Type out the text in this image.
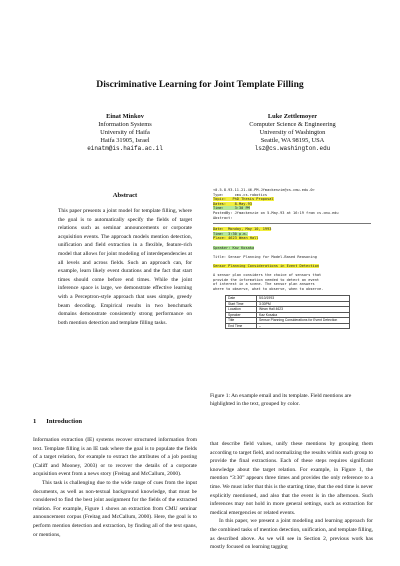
Discriminative Learning for Joint Template Filling
Einat Minkov
Information Systems
University of Haifa
Haifa 31905, Israel
einatm@is.haifa.ac.il
Luke Zettlemoyer
Computer Science & Engineering
University of Washington
Seattle, WA 98195, USA
lsz@cs.washington.edu
Abstract
This paper presents a joint model for template filling, where the goal is to automatically specify the fields of target relations such as seminar announcements or corporate acquisition events. The approach models mention detection, unification and field extraction in a flexible, feature-rich model that allows for joint modeling of interdependencies at all levels and across fields. Such an approach can, for example, learn likely event durations and the fact that start times should come before end times. While the joint inference space is large, we demonstrate effective learning with a Perceptron-style approach that uses simple, greedy beam decoding. Empirical results in two benchmark domains demonstrate consistently strong performance on both mention detection and template filling tasks.
<0.5.8.93.11.21.46.PM.Jfmackenzie@cs.cmu.edu.0>
Type:     cmu.cs.robotics
Topic:   PhD Thesis Proposal
Dates:    8-May-93
Time:     3:30 PM
PostedBy: Jfmackenzie on 5-May-93 at 16:19 from cs.cmu.edu
Abstract:
Date:  Monday, May 10, 1993
Time:  3:30 p.m.
Place: 4623 Wean Hall

Speaker: Kaz Kosaka

Title: Sensor Planning for Model-Based Reasoning

Sensor Planning Considerations in Event Detection

A sensor plan considers the choice of sensors that
provide the information needed to detect an event
of interest in a scene. The sensor plan answers
where to observe, what to observe, when to observe.
Date	5/10/1993
Start Time	3:30PM
Location	Wean Hall 4623
Speaker	Kaz Kosaka
Title	Sensor Planning Considerations for Event Detection
End Time	–
Figure 1: An example email and its template. Field mentions are highlighted in the text, grouped by color.
1 Introduction
Information extraction (IE) systems recover structured information from text. Template filling is an IE task where the goal is to populate the fields of a target relation, for example to extract the attributes of a job posting (Califf and Mooney, 2003) or to recover the details of a corporate acquisition event from a news story (Freitag and McCallum, 2000).
This task is challenging due to the wide range of cues from the input documents, as well as non-textual background knowledge, that must be considered to find the best joint assignment for the fields of the extracted relation. For example, Figure 1 shows an extraction from CMU seminar announcement corpus (Freitag and McCallum, 2000). Here, the goal is to perform mention detection and extraction, by finding all of the text spans, or mentions,
that describe field values, unify these mentions by grouping them according to target field, and normalizing the results within each group to provide the final extractions. Each of these steps requires significant knowledge about the target relation. For example, in Figure 1, the mention “3:30” appears three times and provides the only reference to a time. We must infer that this is the starting time, that the end time is never explicitly mentioned, and also that the event is in the afternoon. Such inferences may not hold in more general settings, such as extraction for medical emergencies or related events.
In this paper, we present a joint modeling and learning approach for the combined tasks of mention detection, unification, and template filling, as described above. As we will see in Section 2, previous work has mostly focused on learning tagging
